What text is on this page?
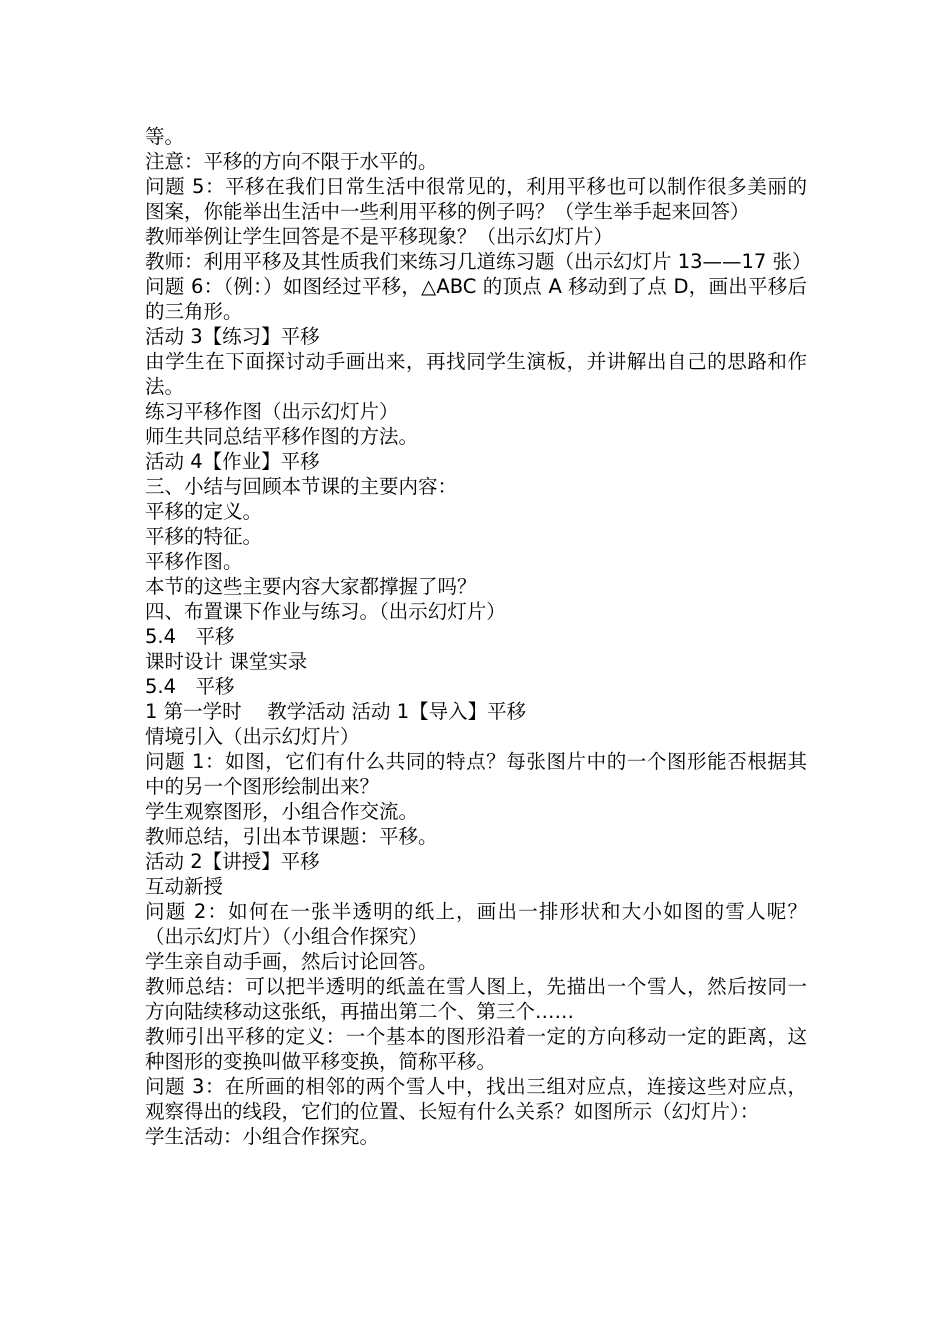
等。

注意：平移的方向不限于水平的。

问题 5：平移在我们日常生活中很常见的，利用平移也可以制作很多美丽的图案，你能举出生活中一些利用平移的例子吗？（学生举手起来回答）

教师举例让学生回答是不是平移现象？（出示幻灯片）

教师：利用平移及其性质我们来练习几道练习题（出示幻灯片 13——17 张）

问题 6：（例：）如图经过平移，△ABC 的顶点 A 移动到了点 D，画出平移后的三角形。

活动 3【练习】平移

由学生在下面探讨动手画出来，再找同学生演板，并讲解出自己的思路和作法。

练习平移作图（出示幻灯片）

师生共同总结平移作图的方法。

活动 4【作业】平移

三、小结与回顾本节课的主要内容：

平移的定义。

平移的特征。

平移作图。

本节的这些主要内容大家都撑握了吗？

四、布置课下作业与练习。（出示幻灯片）

5.4　平移

课时设计 课堂实录

5.4　平移

1 第一学时　 教学活动 活动 1【导入】平移

情境引入（出示幻灯片）

问题 1：如图，它们有什么共同的特点？每张图片中的一个图形能否根据其中的另一个图形绘制出来？

学生观察图形，小组合作交流。

教师总结，引出本节课题：平移。

活动 2【讲授】平移

互动新授

问题 2：如何在一张半透明的纸上，画出一排形状和大小如图的雪人呢？（出示幻灯片）（小组合作探究）

学生亲自动手画，然后讨论回答。

教师总结：可以把半透明的纸盖在雪人图上，先描出一个雪人，然后按同一方向陆续移动这张纸，再描出第二个、第三个……

教师引出平移的定义：一个基本的图形沿着一定的方向移动一定的距离，这种图形的变换叫做平移变换，简称平移。

问题 3：在所画的相邻的两个雪人中，找出三组对应点，连接这些对应点，观察得出的线段，它们的位置、长短有什么关系？如图所示（幻灯片）：

学生活动：小组合作探究。
